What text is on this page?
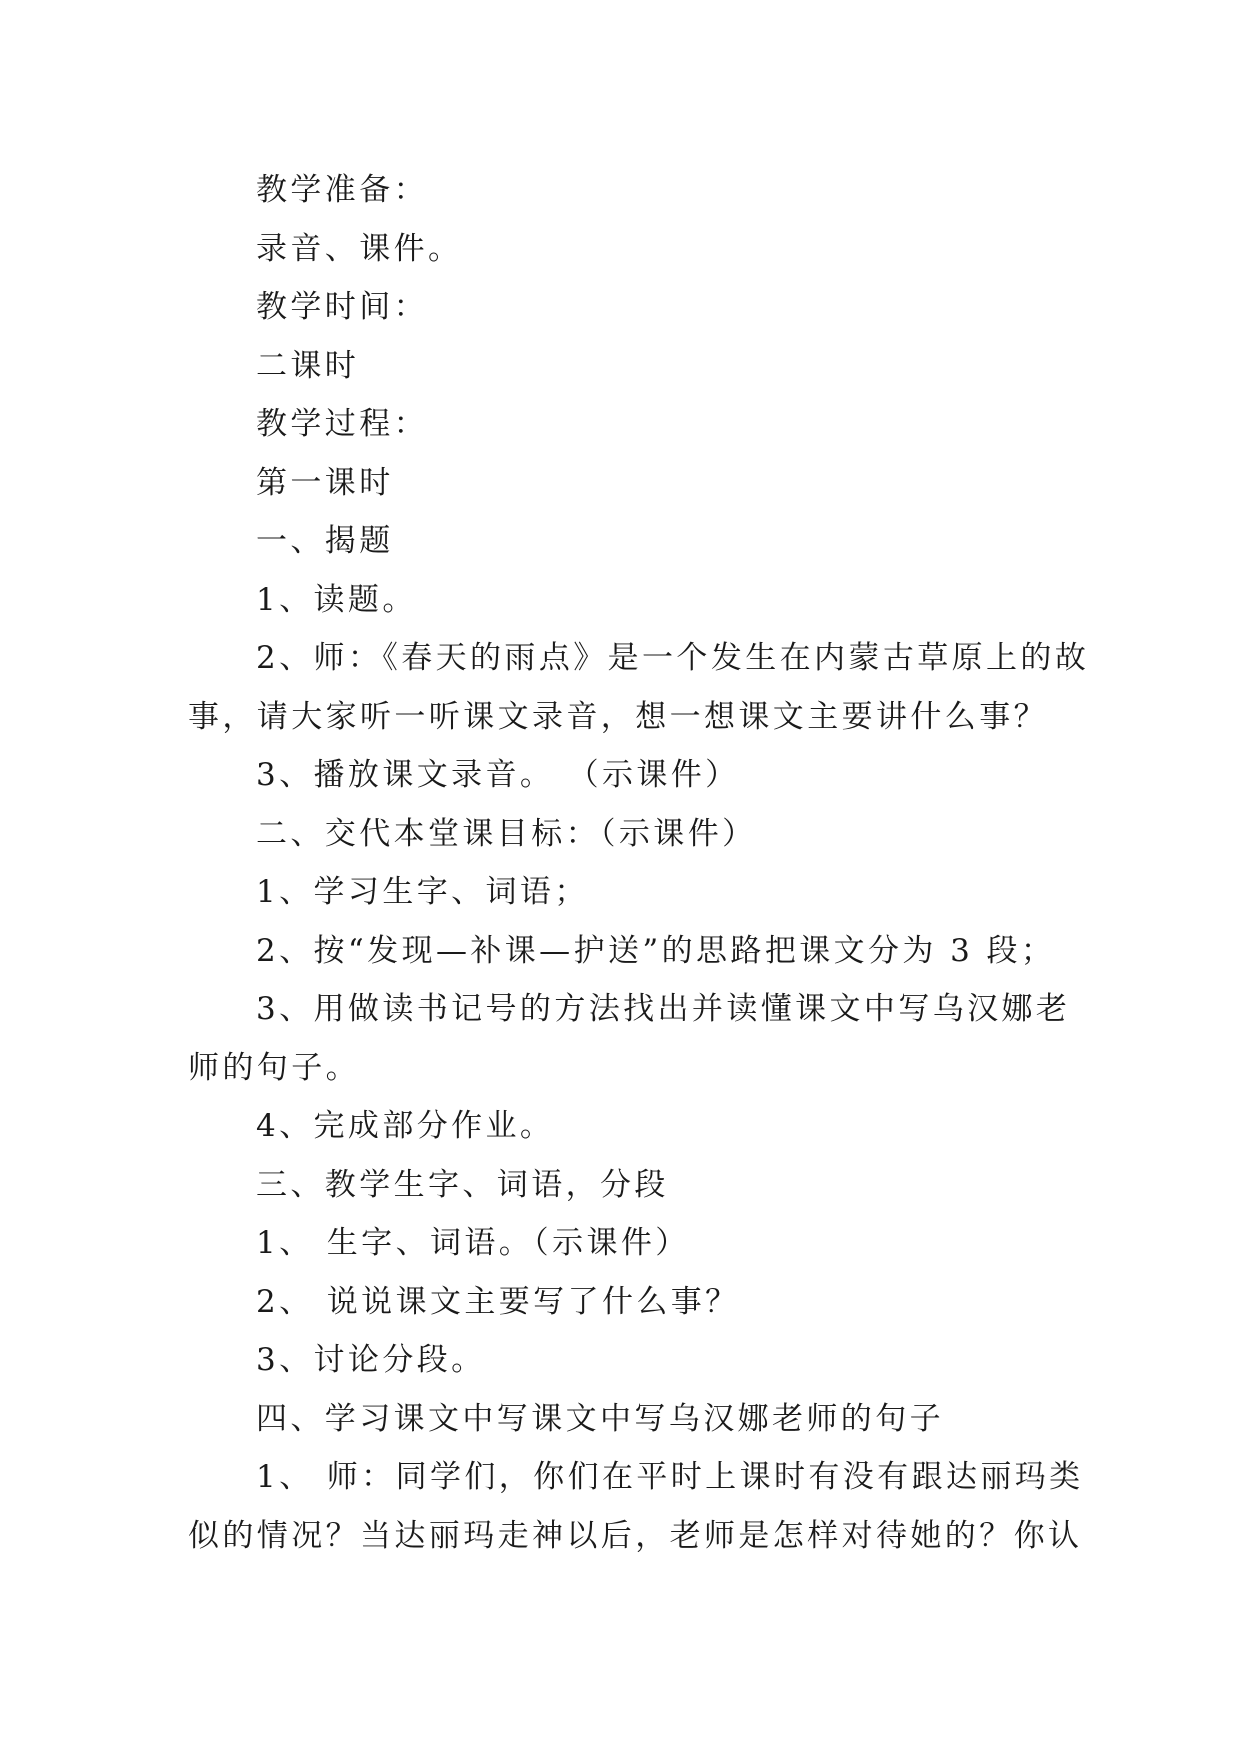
教学准备：

录音、课件。

教学时间：

二课时

教学过程：

第一课时

一、揭题

1、读题。

2、师：《春天的雨点》是一个发生在内蒙古草原上的故

事，请大家听一听课文录音，想一想课文主要讲什么事？

3、播放课文录音。 （示课件）

二、交代本堂课目标：（示课件）

1、学习生字、词语；

2、按“发现—补课—护送”的思路把课文分为 3 段；

3、用做读书记号的方法找出并读懂课文中写乌汉娜老

师的句子。

4、完成部分作业。

三、教学生字、词语，分段

1、 生字、词语。（示课件）

2、 说说课文主要写了什么事？

3、讨论分段。

四、学习课文中写课文中写乌汉娜老师的句子

1、 师：同学们，你们在平时上课时有没有跟达丽玛类

似的情况？当达丽玛走神以后，老师是怎样对待她的？你认
